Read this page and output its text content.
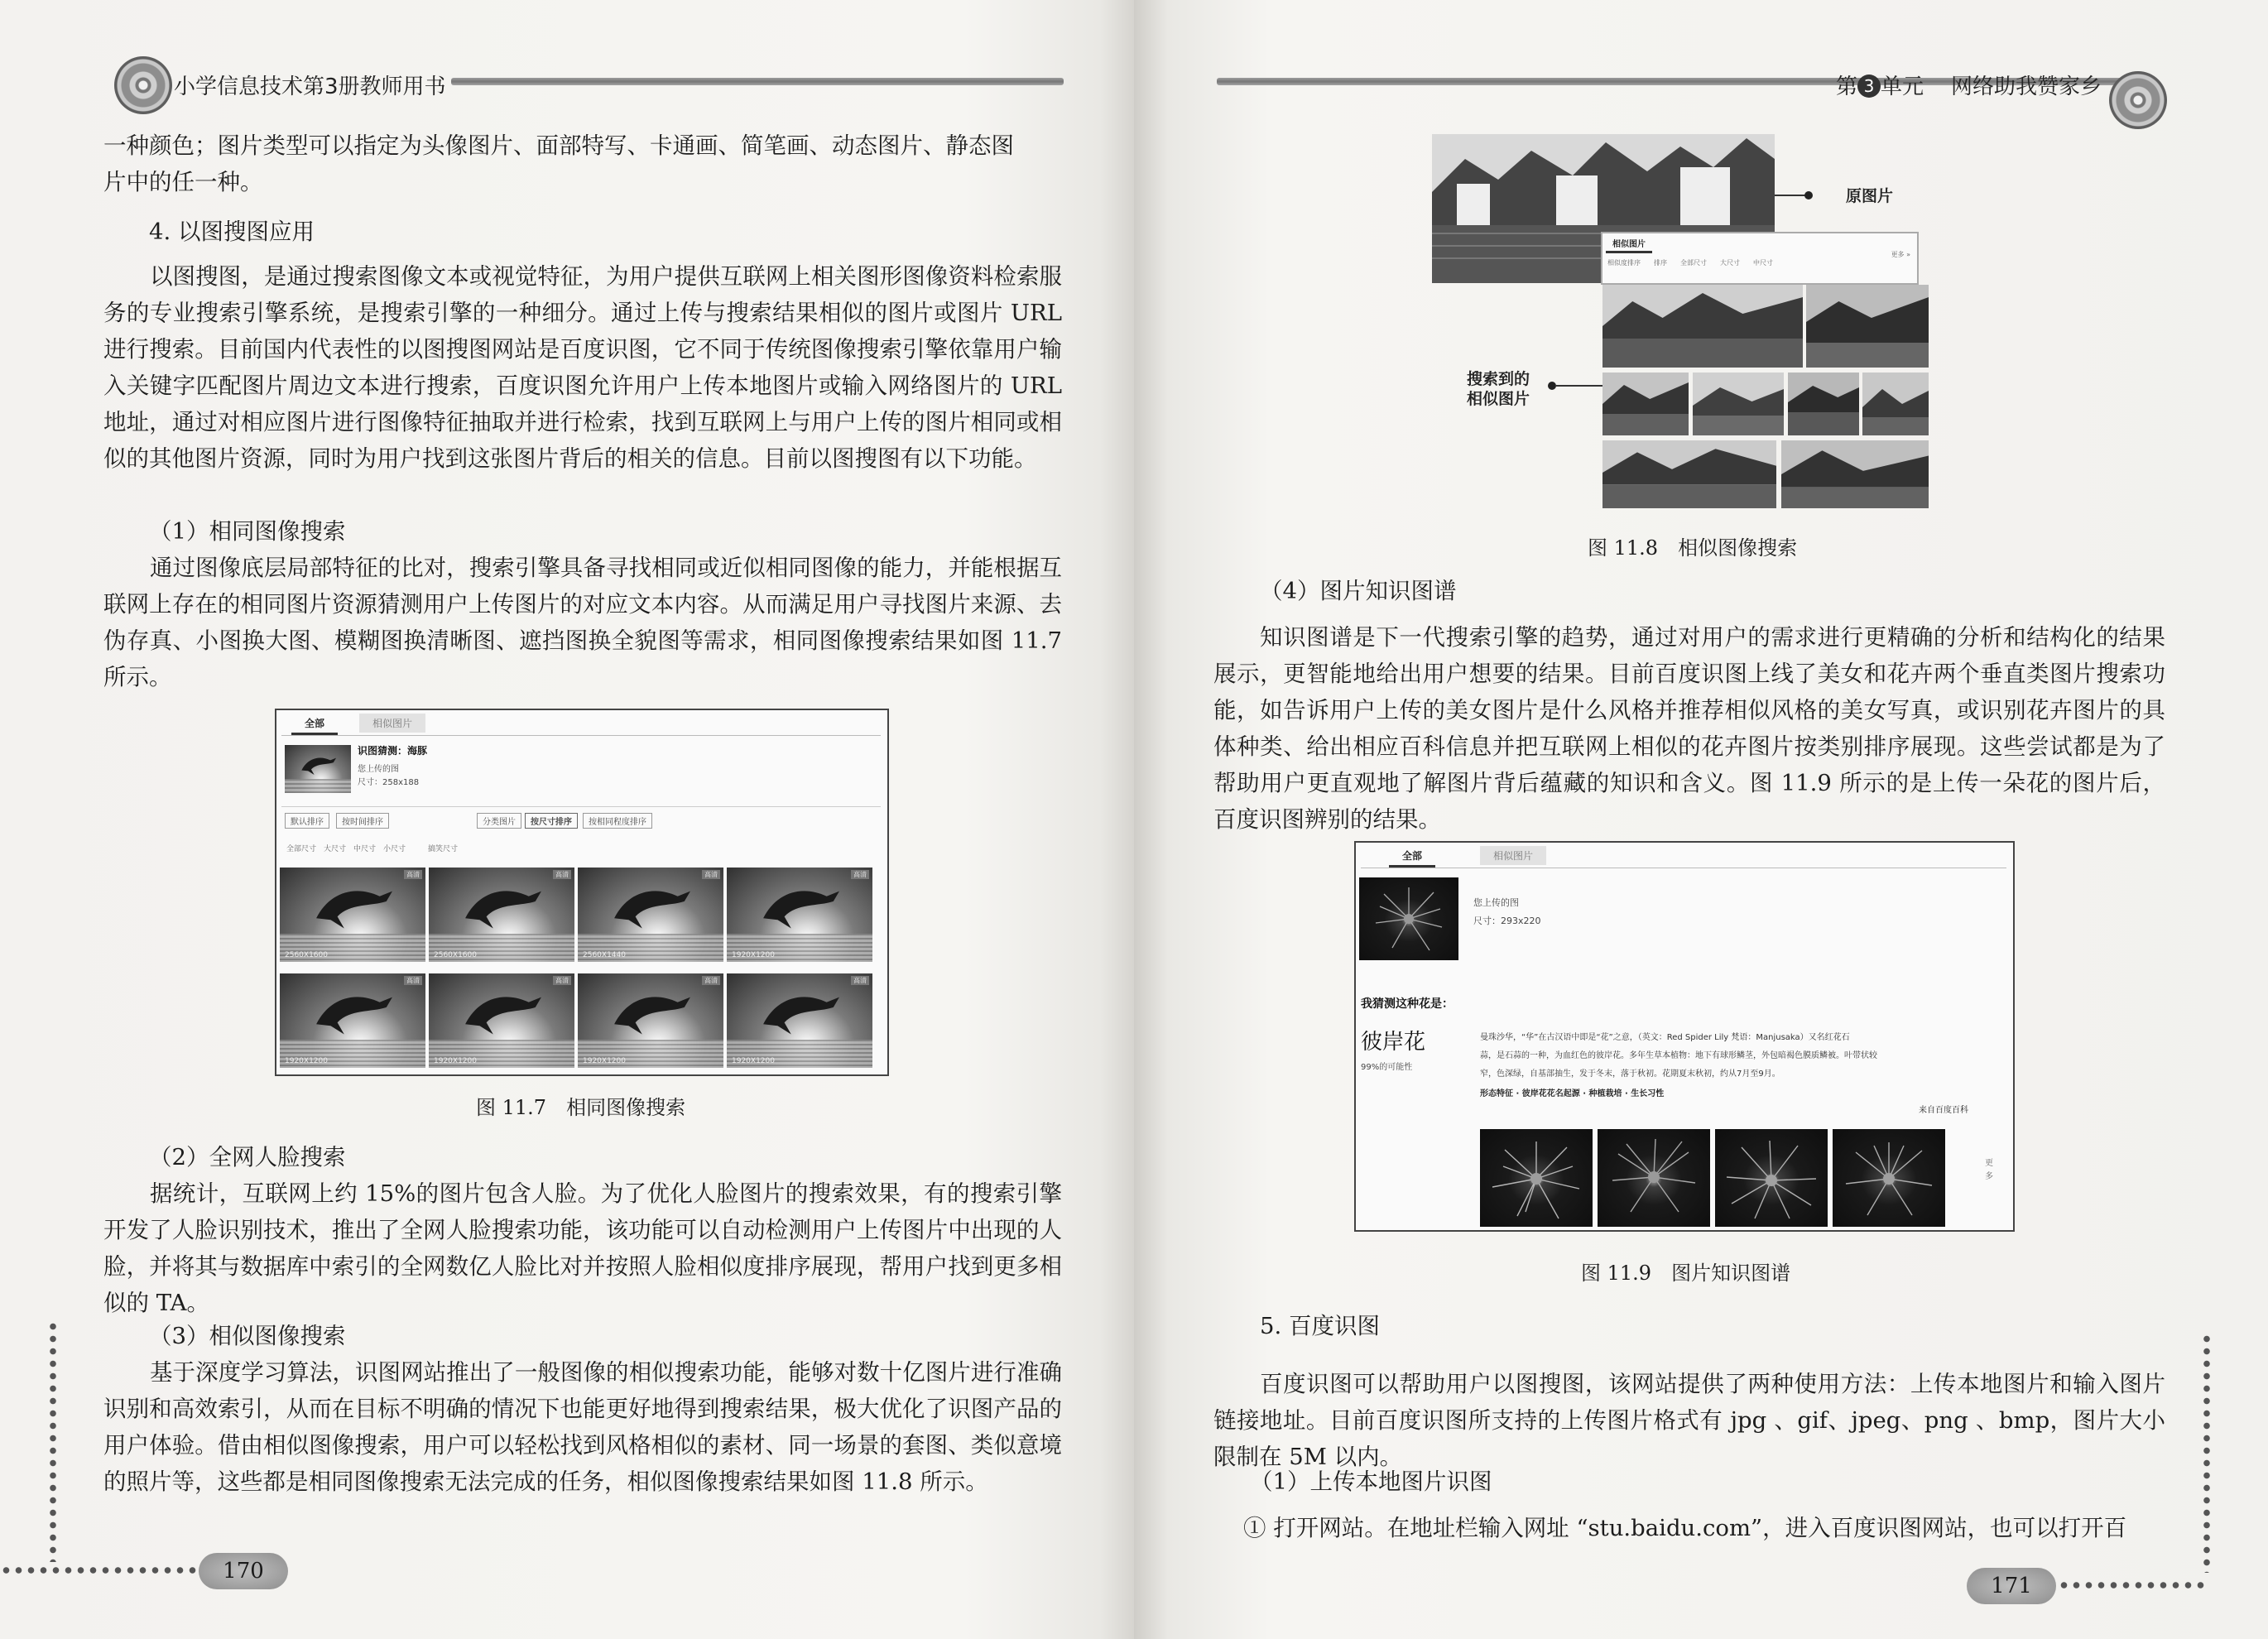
小学信息技术第3册教师用书

一种颜色；图片类型可以指定为头像图片、面部特写、卡通画、简笔画、动态图片、静态图
片中的任一种。

4. 以图搜图应用

以图搜图，是通过搜索图像文本或视觉特征，为用户提供互联网上相关图形图像资料检索服务的专业搜索引擎系统，是搜索引擎的一种细分。通过上传与搜索结果相似的图片或图片 URL 进行搜索。目前国内代表性的以图搜图网站是百度识图，它不同于传统图像搜索引擎依靠用户输入关键字匹配图片周边文本进行搜索，百度识图允许用户上传本地图片或输入网络图片的 URL 地址，通过对相应图片进行图像特征抽取并进行检索，找到互联网上与用户上传的图片相同或相似的其他图片资源，同时为用户找到这张图片背后的相关的信息。目前以图搜图有以下功能。

（1）相同图像搜索

通过图像底层局部特征的比对，搜索引擎具备寻找相同或近似相同图像的能力，并能根据互联网上存在的相同图片资源猜测用户上传图片的对应文本内容。从而满足用户寻找图片来源、去伪存真、小图换大图、模糊图换清晰图、遮挡图换全貌图等需求，相同图像搜索结果如图 11.7 所示。

全部	相似图片
识图猜测：海豚
您上传的图
尺寸：258x188
默认排序	按时间排序	分类图片	按尺寸排序	按相同程度排序
全部尺寸　大尺寸　中尺寸　小尺寸　　　搞笑尺寸
高清
2560X1600
高清
2560X1600
高清
2560X1440
高清
1920X1200
高清
1920X1200
高清
1920X1200
高清
1920X1200
高清
1920X1200
图 11.7　相同图像搜索

（2）全网人脸搜索

据统计，互联网上约 15%的图片包含人脸。为了优化人脸图片的搜索效果，有的搜索引擎开发了人脸识别技术，推出了全网人脸搜索功能，该功能可以自动检测用户上传图片中出现的人脸，并将其与数据库中索引的全网数亿人脸比对并按照人脸相似度排序展现，帮用户找到更多相似的 TA。

（3）相似图像搜索

基于深度学习算法，识图网站推出了一般图像的相似搜索功能，能够对数十亿图片进行准确识别和高效索引，从而在目标不明确的情况下也能更好地得到搜索结果，极大优化了识图产品的用户体验。借由相似图像搜索，用户可以轻松找到风格相似的素材、同一场景的套图、类似意境的照片等，这些都是相同图像搜索无法完成的任务，相似图像搜索结果如图 11.8 所示。

170
第 3 单元 网络助我赞家乡
原图片
相似图片
相似度排序　　排序　　全部尺寸　　大尺寸　　中尺寸
更多 »
搜索到的
相似图片
图 11.8　相似图像搜索

（4）图片知识图谱

知识图谱是下一代搜索引擎的趋势，通过对用户的需求进行更精确的分析和结构化的结果展示，更智能地给出用户想要的结果。目前百度识图上线了美女和花卉两个垂直类图片搜索功能，如告诉用户上传的美女图片是什么风格并推荐相似风格的美女写真，或识别花卉图片的具体种类、给出相应百科信息并把互联网上相似的花卉图片按类别排序展现。这些尝试都是为了帮助用户更直观地了解图片背后蕴藏的知识和含义。图 11.9 所示的是上传一朵花的图片后，百度识图辨别的结果。

全部	相似图片
您上传的图
尺寸：293x220
我猜测这种花是：
彼岸花
99%的可能性
曼珠沙华，“华”在古汉语中即是“花”之意，（英文：Red Spider Lily 梵语：Manjusaka）又名红花石
蒜，是石蒜的一种，为血红色的彼岸花。多年生草本植物：地下有球形鳞茎，外包暗褐色膜质鳞被。叶带状较
窄，色深绿，自基部抽生，发于冬末，落于秋初。花期夏末秋初，约从7月至9月。
形态特征 · 彼岸花花名起源 · 种植栽培 · 生长习性
来自百度百科
更多
图 11.9　图片知识图谱

5. 百度识图

百度识图可以帮助用户以图搜图，该网站提供了两种使用方法：上传本地图片和输入图片链接地址。目前百度识图所支持的上传图片格式有 jpg 、gif、jpeg、png 、bmp，图片大小限制在 5M 以内。

（1）上传本地图片识图

① 打开网站。在地址栏输入网址 “stu.baidu.com”，进入百度识图网站，也可以打开百

171
